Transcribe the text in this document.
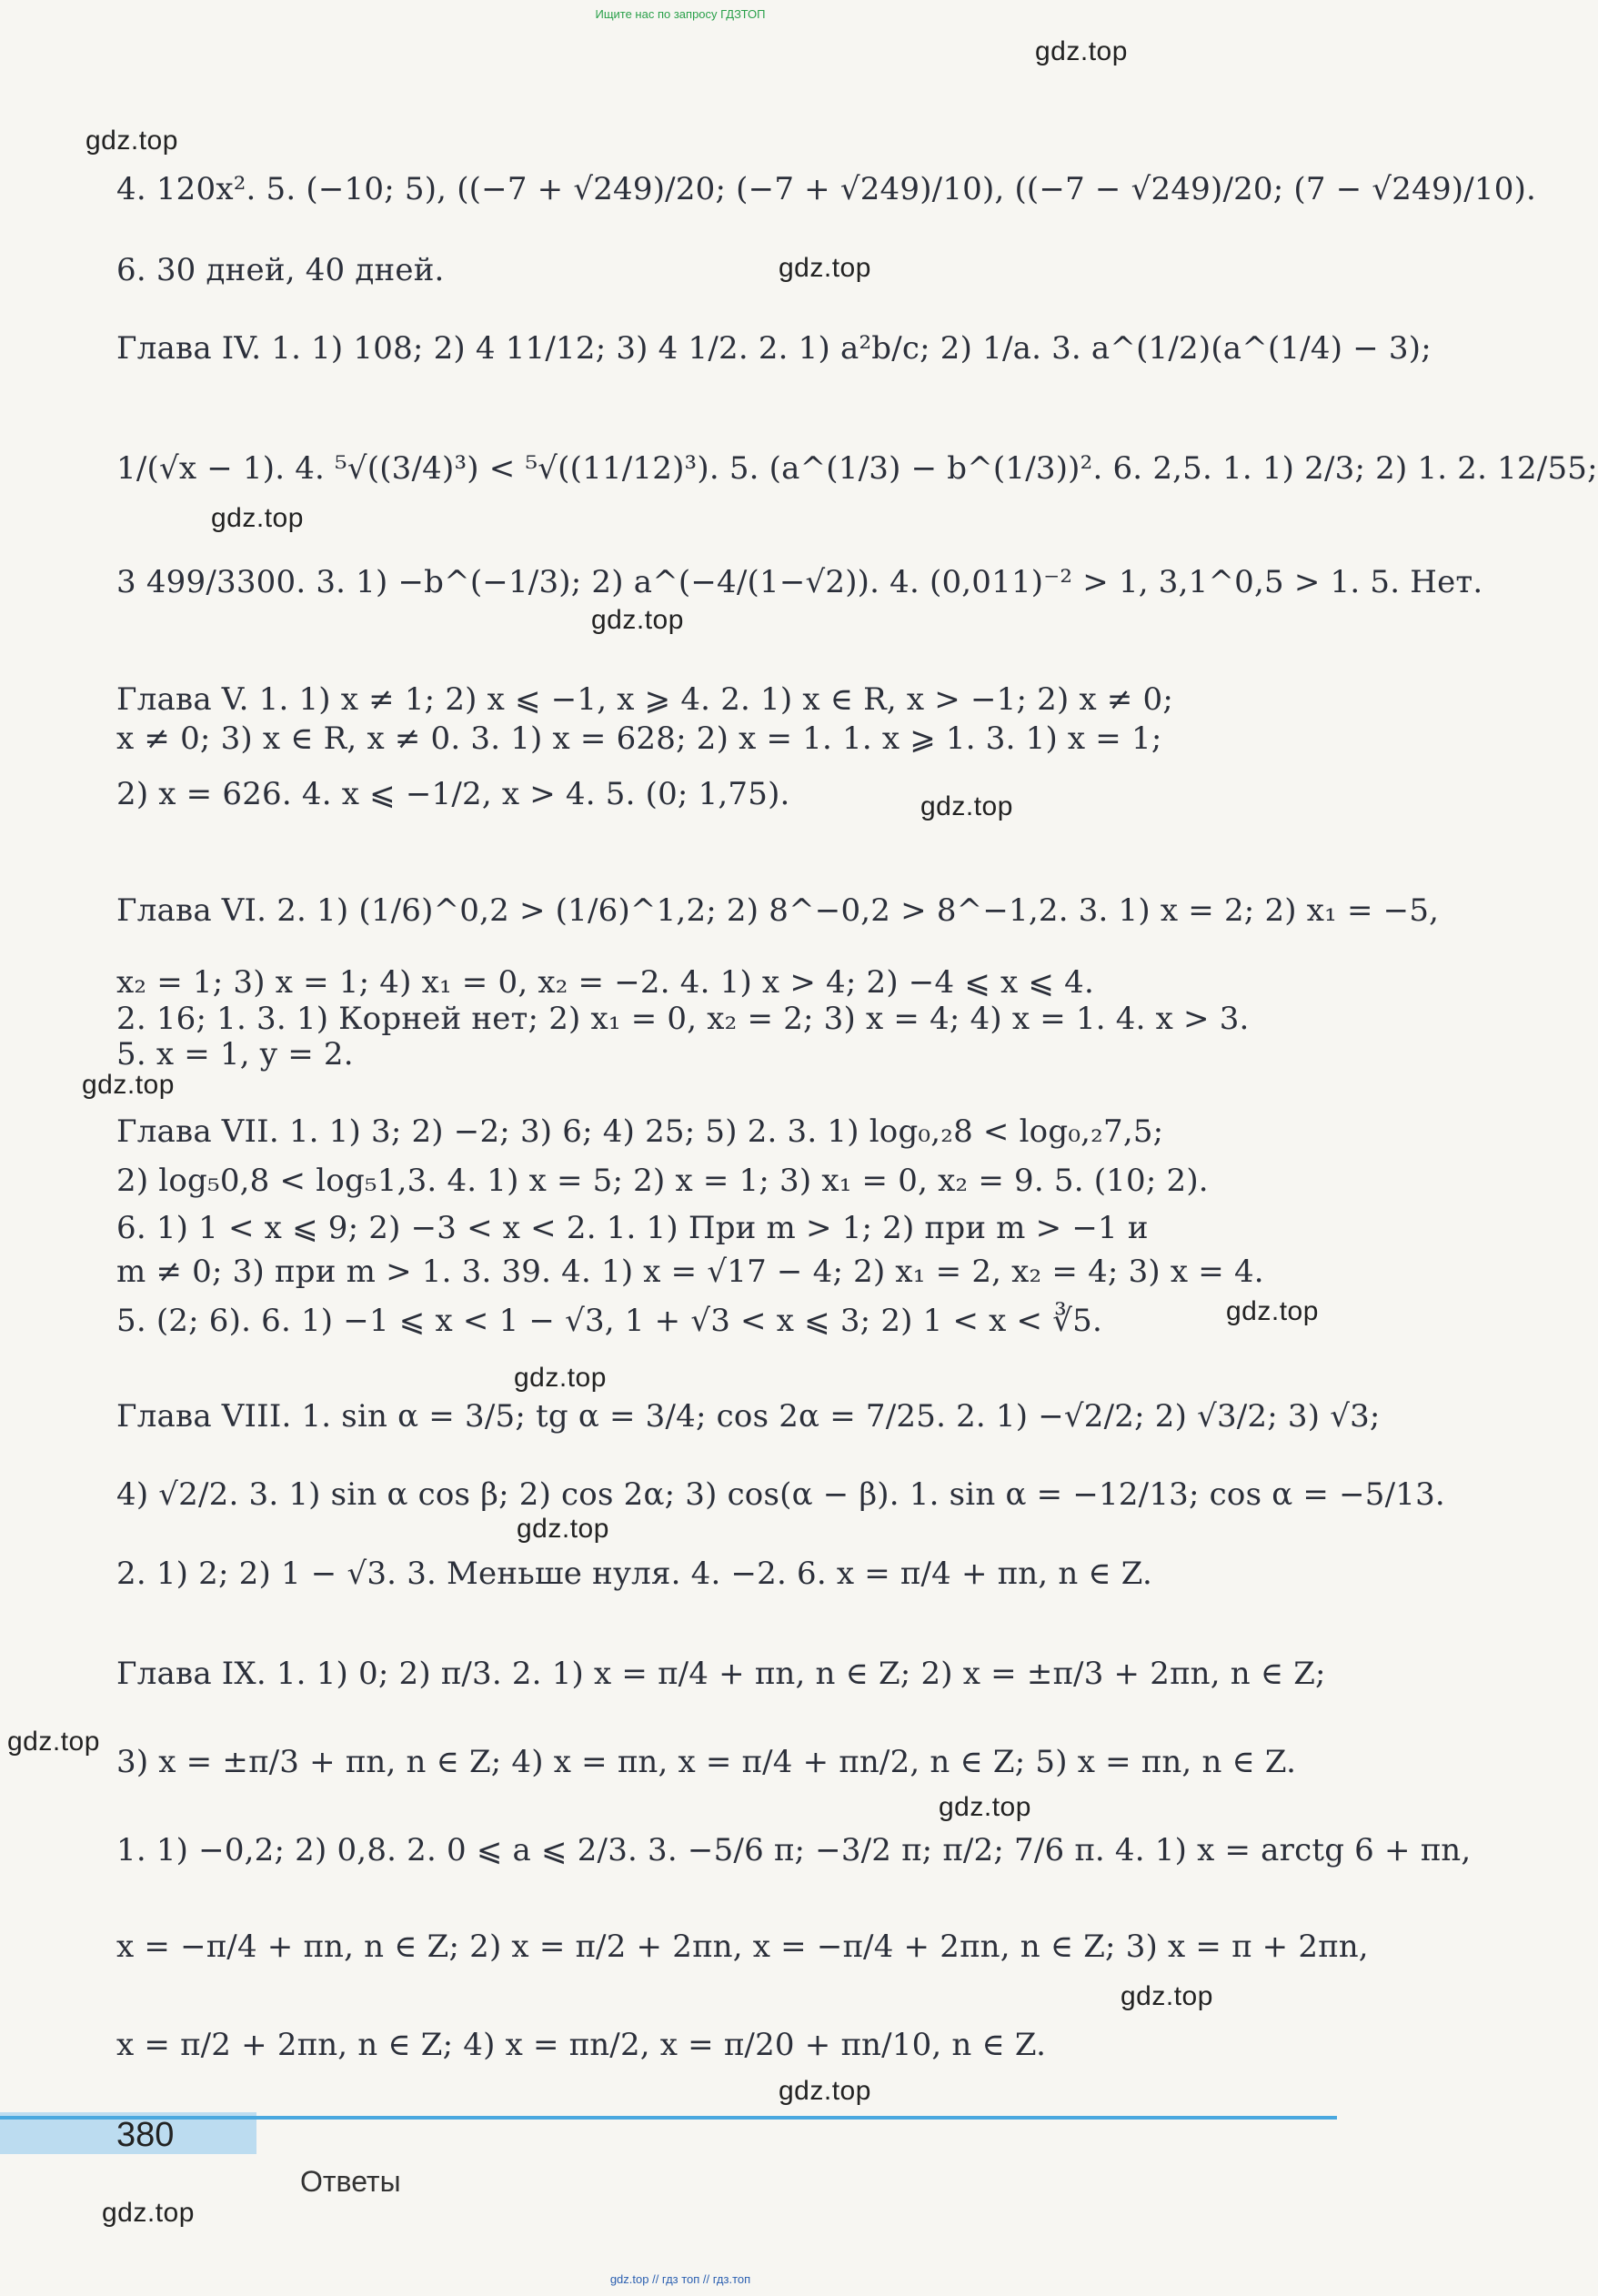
Ищите нас по запросу ГДЗТОП
gdz.top
gdz.top
gdz.top
gdz.top
gdz.top
gdz.top
gdz.top
gdz.top
gdz.top
gdz.top
gdz.top
gdz.top
gdz.top
gdz.top
gdz.top
4. 120x². 5. (−10; 5), ((−7 + √249)/20; (−7 + √249)/10), ((−7 − √249)/20; (7 − √249)/10).
6. 30 дней, 40 дней.
Глава IV. 1. 1) 108; 2) 4 11/12; 3) 4 1/2. 2. 1) a²b/c; 2) 1/a. 3. a^(1/2)(a^(1/4) − 3);
1/(√x − 1). 4. ⁵√((3/4)³) < ⁵√((11/12)³). 5. (a^(1/3) − b^(1/3))². 6. 2,5. 1. 1) 2/3; 2) 1. 2. 12/55;
3 499/3300. 3. 1) −b^(−1/3); 2) a^(−4/(1−√2)). 4. (0,011)⁻² > 1, 3,1^0,5 > 1. 5. Нет.
Глава V. 1. 1) x ≠ 1; 2) x ⩽ −1, x ⩾ 4. 2. 1) x ∈ R, x > −1; 2) x ≠ 0;
x ≠ 0; 3) x ∈ R, x ≠ 0. 3. 1) x = 628; 2) x = 1. 1. x ⩾ 1. 3. 1) x = 1;
2) x = 626. 4. x ⩽ −1/2, x > 4. 5. (0; 1,75).
Глава VI. 2. 1) (1/6)^0,2 > (1/6)^1,2; 2) 8^−0,2 > 8^−1,2. 3. 1) x = 2; 2) x₁ = −5,
x₂ = 1; 3) x = 1; 4) x₁ = 0, x₂ = −2. 4. 1) x > 4; 2) −4 ⩽ x ⩽ 4.
2. 16; 1. 3. 1) Корней нет; 2) x₁ = 0, x₂ = 2; 3) x = 4; 4) x = 1. 4. x > 3.
5. x = 1, y = 2.
Глава VII. 1. 1) 3; 2) −2; 3) 6; 4) 25; 5) 2. 3. 1) log₀,₂8 < log₀,₂7,5;
2) log₅0,8 < log₅1,3. 4. 1) x = 5; 2) x = 1; 3) x₁ = 0, x₂ = 9. 5. (10; 2).
6. 1) 1 < x ⩽ 9; 2) −3 < x < 2. 1. 1) При m > 1; 2) при m > −1 и
m ≠ 0; 3) при m > 1. 3. 39. 4. 1) x = √17 − 4; 2) x₁ = 2, x₂ = 4; 3) x = 4.
5. (2; 6). 6. 1) −1 ⩽ x < 1 − √3, 1 + √3 < x ⩽ 3; 2) 1 < x < ∛5.
Глава VIII. 1. sin α = 3/5; tg α = 3/4; cos 2α = 7/25. 2. 1) −√2/2; 2) √3/2; 3) √3;
4) √2/2. 3. 1) sin α cos β; 2) cos 2α; 3) cos(α − β). 1. sin α = −12/13; cos α = −5/13.
2. 1) 2; 2) 1 − √3. 3. Меньше нуля. 4. −2. 6. x = π/4 + πn, n ∈ Z.
Глава IX. 1. 1) 0; 2) π/3. 2. 1) x = π/4 + πn, n ∈ Z; 2) x = ±π/3 + 2πn, n ∈ Z;
3) x = ±π/3 + πn, n ∈ Z; 4) x = πn, x = π/4 + πn/2, n ∈ Z; 5) x = πn, n ∈ Z.
1. 1) −0,2; 2) 0,8. 2. 0 ⩽ a ⩽ 2/3. 3. −5/6 π; −3/2 π; π/2; 7/6 π. 4. 1) x = arctg 6 + πn,
x = −π/4 + πn, n ∈ Z; 2) x = π/2 + 2πn, x = −π/4 + 2πn, n ∈ Z; 3) x = π + 2πn,
x = π/2 + 2πn, n ∈ Z; 4) x = πn/2, x = π/20 + πn/10, n ∈ Z.
380
Ответы
gdz.top // гдз топ // гдз.топ
